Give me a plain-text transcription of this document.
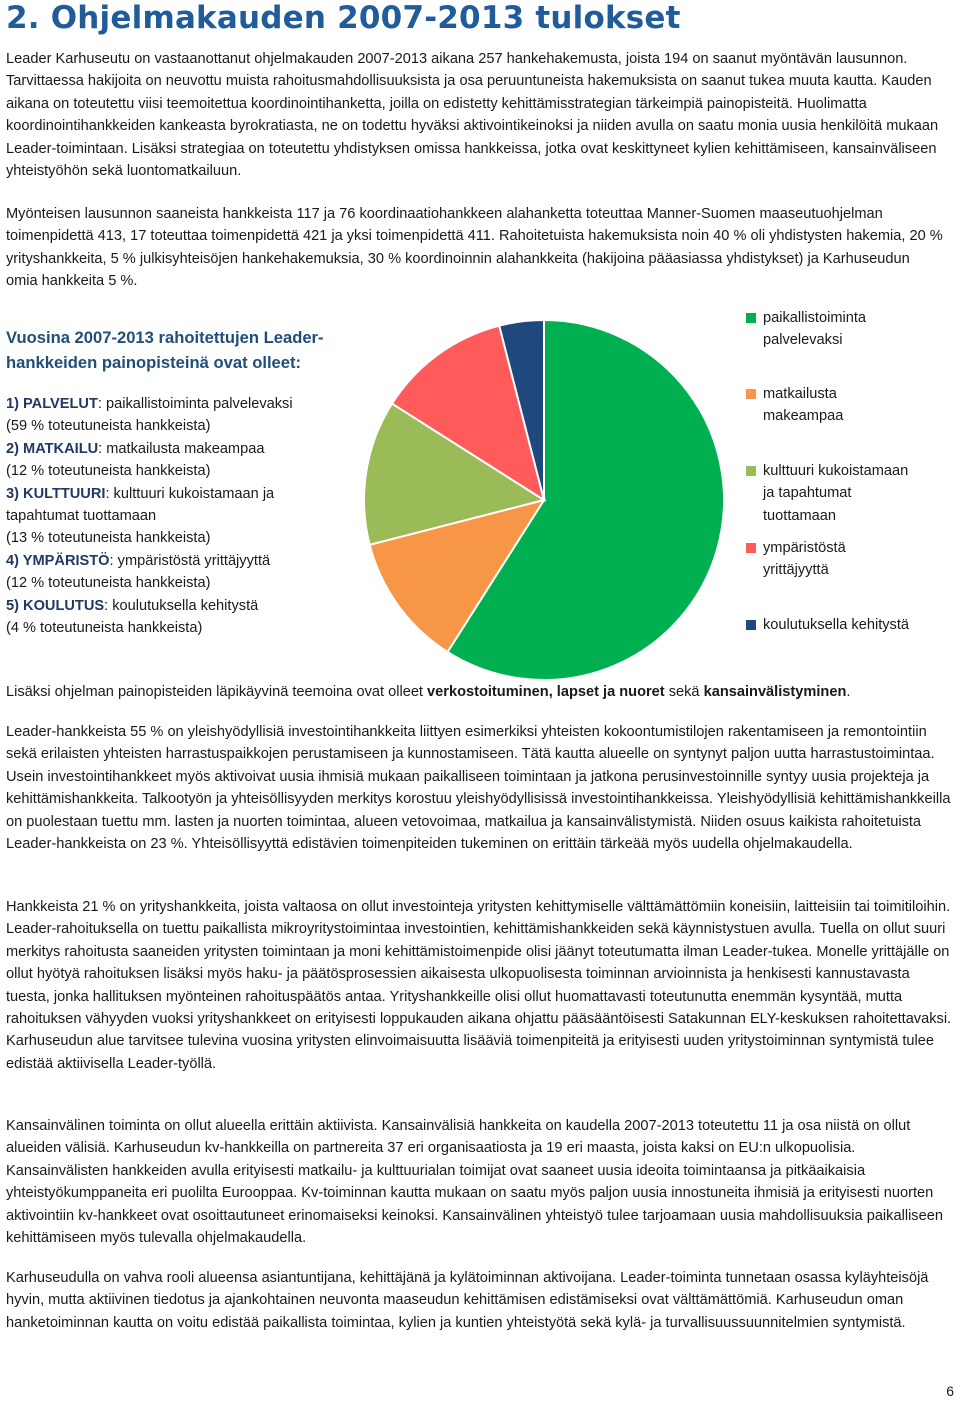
2. Ohjelmakauden 2007-2013 tulokset
Leader Karhuseutu on vastaanottanut ohjelmakauden 2007-2013 aikana 257 hankehakemusta, joista 194 on saanut myöntävän lausunnon. Tarvittaessa hakijoita on neuvottu muista rahoitusmahdollisuuksista ja osa peruuntuneista hakemuksista on saanut tukea muuta kautta. Kauden aikana on toteutettu viisi teemoitettua koordinointihanketta, joilla on edistetty kehittämisstrategian tärkeimpiä painopisteitä. Huolimatta koordinointihankkeiden kankeasta byrokratiasta, ne on todettu hyväksi aktivointikeinoksi ja niiden avulla on saatu monia uusia henkilöitä mukaan Leader-toimintaan. Lisäksi strategiaa on toteutettu yhdistyksen omissa hankkeissa, jotka ovat keskittyneet kylien kehittämiseen, kansainväliseen yhteistyöhön sekä luontomatkailuun.
Myönteisen lausunnon saaneista hankkeista 117 ja 76 koordinaatiohankkeen alahanketta toteuttaa Manner-Suomen maaseutuohjelman toimenpidettä 413, 17 toteuttaa toimenpidettä 421 ja yksi toimenpidettä 411. Rahoitetuista hakemuksista noin 40 % oli yhdistysten hakemia, 20 % yrityshankkeita, 5 % julkisyhteisöjen hankehakemuksia, 30 % koordinoinnin alahankkeita (hakijoina pääasiassa yhdistykset) ja Karhuseudun
omia hankkeita 5 %.
Vuosina 2007-2013 rahoitettujen Leader-hankkeiden painopisteinä ovat olleet:
1) PALVELUT: paikallistoiminta palvelevaksi
(59 % toteutuneista hankkeista)
2) MATKAILU: matkailusta makeampaa
(12 % toteutuneista hankkeista)
3) KULTTUURI: kulttuuri kukoistamaan ja tapahtumat tuottamaan
(13 % toteutuneista hankkeista)
4) YMPÄRISTÖ: ympäristöstä yrittäjyyttä
(12 % toteutuneista hankkeista)
5) KOULUTUS: koulutuksella kehitystä
(4 % toteutuneista hankkeista)
paikallistoiminta
palvelevaksi
matkailusta
makeampaa
kulttuuri kukoistamaan
ja tapahtumat
tuottamaan
ympäristöstä
yrittäjyyttä
koulutuksella kehitystä
Lisäksi ohjelman painopisteiden läpikäyvinä teemoina ovat olleet verkostoituminen, lapset ja nuoret sekä kansainvälistyminen.
Leader-hankkeista 55 % on yleishyödyllisiä investointihankkeita liittyen esimerkiksi yhteisten kokoontumistilojen rakentamiseen ja remontointiin sekä erilaisten yhteisten harrastuspaikkojen perustamiseen ja kunnostamiseen. Tätä kautta alueelle on syntynyt paljon uutta harrastustoimintaa. Usein investointihankkeet myös aktivoivat uusia ihmisiä mukaan paikalliseen toimintaan ja jatkona perusinvestoinnille syntyy uusia projekteja ja kehittämishankkeita. Talkootyön ja yhteisöllisyyden merkitys korostuu yleishyödyllisissä investointihankkeissa. Yleishyödyllisiä kehittämishankkeilla on puolestaan tuettu mm. lasten ja nuorten toimintaa, alueen vetovoimaa, matkailua ja kansainvälistymistä. Niiden osuus kaikista rahoitetuista Leader-hankkeista on 23 %. Yhteisöllisyyttä edistävien toimenpiteiden tukeminen on erittäin tärkeää myös uudella ohjelmakaudella.
Hankkeista 21 % on yrityshankkeita, joista valtaosa on ollut investointeja yritysten kehittymiselle välttämättömiin koneisiin, laitteisiin tai toimitiloihin. Leader-rahoituksella on tuettu paikallista mikroyritystoimintaa investointien, kehittämishankkeiden sekä käynnistystuen avulla. Tuella on ollut suuri merkitys rahoitusta saaneiden yritysten toimintaan ja moni kehittämistoimenpide olisi jäänyt toteutumatta ilman Leader-tukea. Monelle yrittäjälle on ollut hyötyä rahoituksen lisäksi myös haku- ja päätösprosessien aikaisesta ulkopuolisesta toiminnan arvioinnista ja henkisesti kannustavasta tuesta, jonka hallituksen myönteinen rahoituspäätös antaa. Yrityshankkeille olisi ollut huomattavasti toteutunutta enemmän kysyntää, mutta rahoituksen vähyyden vuoksi yrityshankkeet on erityisesti loppukauden aikana ohjattu pääsääntöisesti Satakunnan ELY-keskuksen rahoitettavaksi. Karhuseudun alue tarvitsee tulevina vuosina yritysten elinvoimaisuutta lisääviä toimenpiteitä ja erityisesti uuden yritystoiminnan syntymistä tulee edistää aktiivisella Leader-työllä.
Kansainvälinen toiminta on ollut alueella erittäin aktiivista. Kansainvälisiä hankkeita on kaudella 2007-2013 toteutettu 11 ja osa niistä on ollut alueiden välisiä. Karhuseudun kv-hankkeilla on partnereita 37 eri organisaatiosta ja 19 eri maasta, joista kaksi on EU:n ulkopuolisia. Kansainvälisten hankkeiden avulla erityisesti matkailu- ja kulttuurialan toimijat ovat saaneet uusia ideoita toimintaansa ja pitkäaikaisia yhteistyökumppaneita eri puolilta Eurooppaa. Kv-toiminnan kautta mukaan on saatu myös paljon uusia innostuneita ihmisiä ja erityisesti nuorten aktivointiin kv-hankkeet ovat osoittautuneet erinomaiseksi keinoksi. Kansainvälinen yhteistyö tulee tarjoamaan uusia mahdollisuuksia paikalliseen kehittämiseen myös tulevalla ohjelmakaudella.
Karhuseudulla on vahva rooli alueensa asiantuntijana, kehittäjänä ja kylätoiminnan aktivoijana. Leader-toiminta tunnetaan osassa kyläyhteisöjä hyvin, mutta aktiivinen tiedotus ja ajankohtainen neuvonta maaseudun kehittämisen edistämiseksi ovat välttämättömiä. Karhuseudun oman hanketoiminnan kautta on voitu edistää paikallista toimintaa, kylien ja kuntien yhteistyötä sekä kylä- ja turvallisuussuunnitelmien syntymistä.
6
